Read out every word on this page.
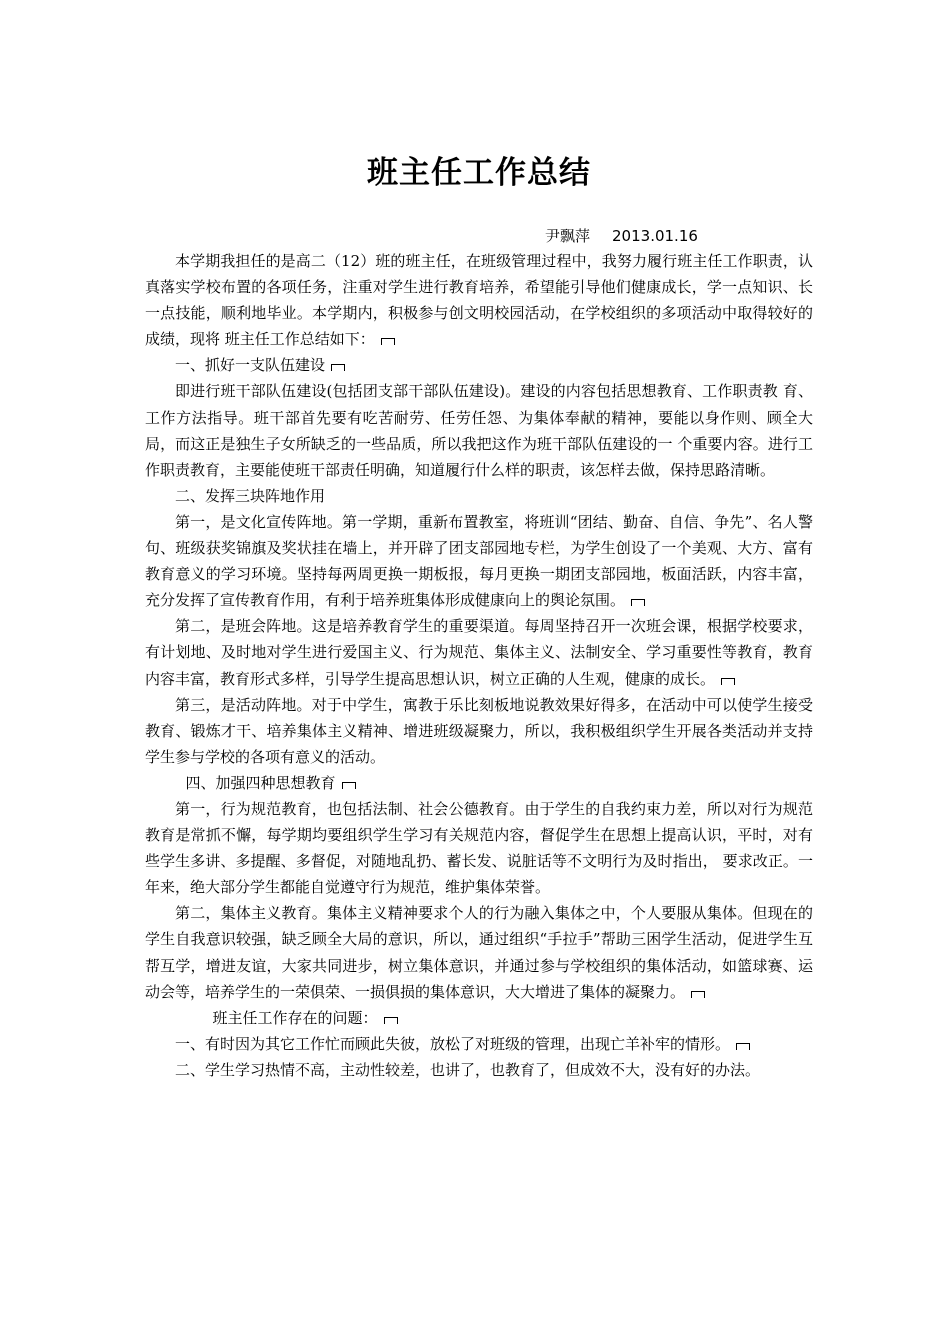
班主任工作总结
尹飘萍 2013.01.16

本学期我担任的是高二（12）班的班主任，在班级管理过程中，我努力履行班主任工作职责，认真落实学校布置的各项任务，注重对学生进行教育培养，希望能引导他们健康成长，学一点知识、长一点技能，顺利地毕业。本学期内，积极参与创文明校园活动，在学校组织的多项活动中取得较好的成绩，现将 班主任工作总结如下：

一、抓好一支队伍建设

即进行班干部队伍建设(包括团支部干部队伍建设)。建设的内容包括思想教育、工作职责教 育、工作方法指导。班干部首先要有吃苦耐劳、任劳任怨、为集体奉献的精神，要能以身作则、顾全大局，而这正是独生子女所缺乏的一些品质，所以我把这作为班干部队伍建设的一 个重要内容。进行工作职责教育，主要能使班干部责任明确，知道履行什么样的职责，该怎样去做，保持思路清晰。

二、发挥三块阵地作用

第一，是文化宣传阵地。第一学期，重新布置教室，将班训“团结、勤奋、自信、争先”、名人警句、班级获奖锦旗及奖状挂在墙上，并开辟了团支部园地专栏，为学生创设了一个美观、大方、富有教育意义的学习环境。坚持每两周更换一期板报，每月更换一期团支部园地，板面活跃，内容丰富，充分发挥了宣传教育作用，有利于培养班集体形成健康向上的舆论氛围。

第二，是班会阵地。这是培养教育学生的重要渠道。每周坚持召开一次班会课，根据学校要求，有计划地、及时地对学生进行爱国主义、行为规范、集体主义、法制安全、学习重要性等教育，教育内容丰富，教育形式多样，引导学生提高思想认识，树立正确的人生观，健康的成长。

第三，是活动阵地。对于中学生，寓教于乐比刻板地说教效果好得多，在活动中可以使学生接受教育、锻炼才干、培养集体主义精神、增进班级凝聚力，所以，我积极组织学生开展各类活动并支持学生参与学校的各项有意义的活动。

四、加强四种思想教育

第一，行为规范教育，也包括法制、社会公德教育。由于学生的自我约束力差，所以对行为规范教育是常抓不懈，每学期均要组织学生学习有关规范内容，督促学生在思想上提高认识，平时，对有些学生多讲、多提醒、多督促，对随地乱扔、蓄长发、说脏话等不文明行为及时指出， 要求改正。一年来，绝大部分学生都能自觉遵守行为规范，维护集体荣誉。

第二，集体主义教育。集体主义精神要求个人的行为融入集体之中，个人要服从集体。但现在的学生自我意识较强，缺乏顾全大局的意识，所以，通过组织“手拉手”帮助三困学生活动，促进学生互帮互学，增进友谊，大家共同进步，树立集体意识，并通过参与学校组织的集体活动，如篮球赛、运动会等，培养学生的一荣俱荣、一损俱损的集体意识，大大增进了集体的凝聚力。

班主任工作存在的问题：

一、有时因为其它工作忙而顾此失彼，放松了对班级的管理，出现亡羊补牢的情形。

二、学生学习热情不高，主动性较差，也讲了，也教育了，但成效不大，没有好的办法。
